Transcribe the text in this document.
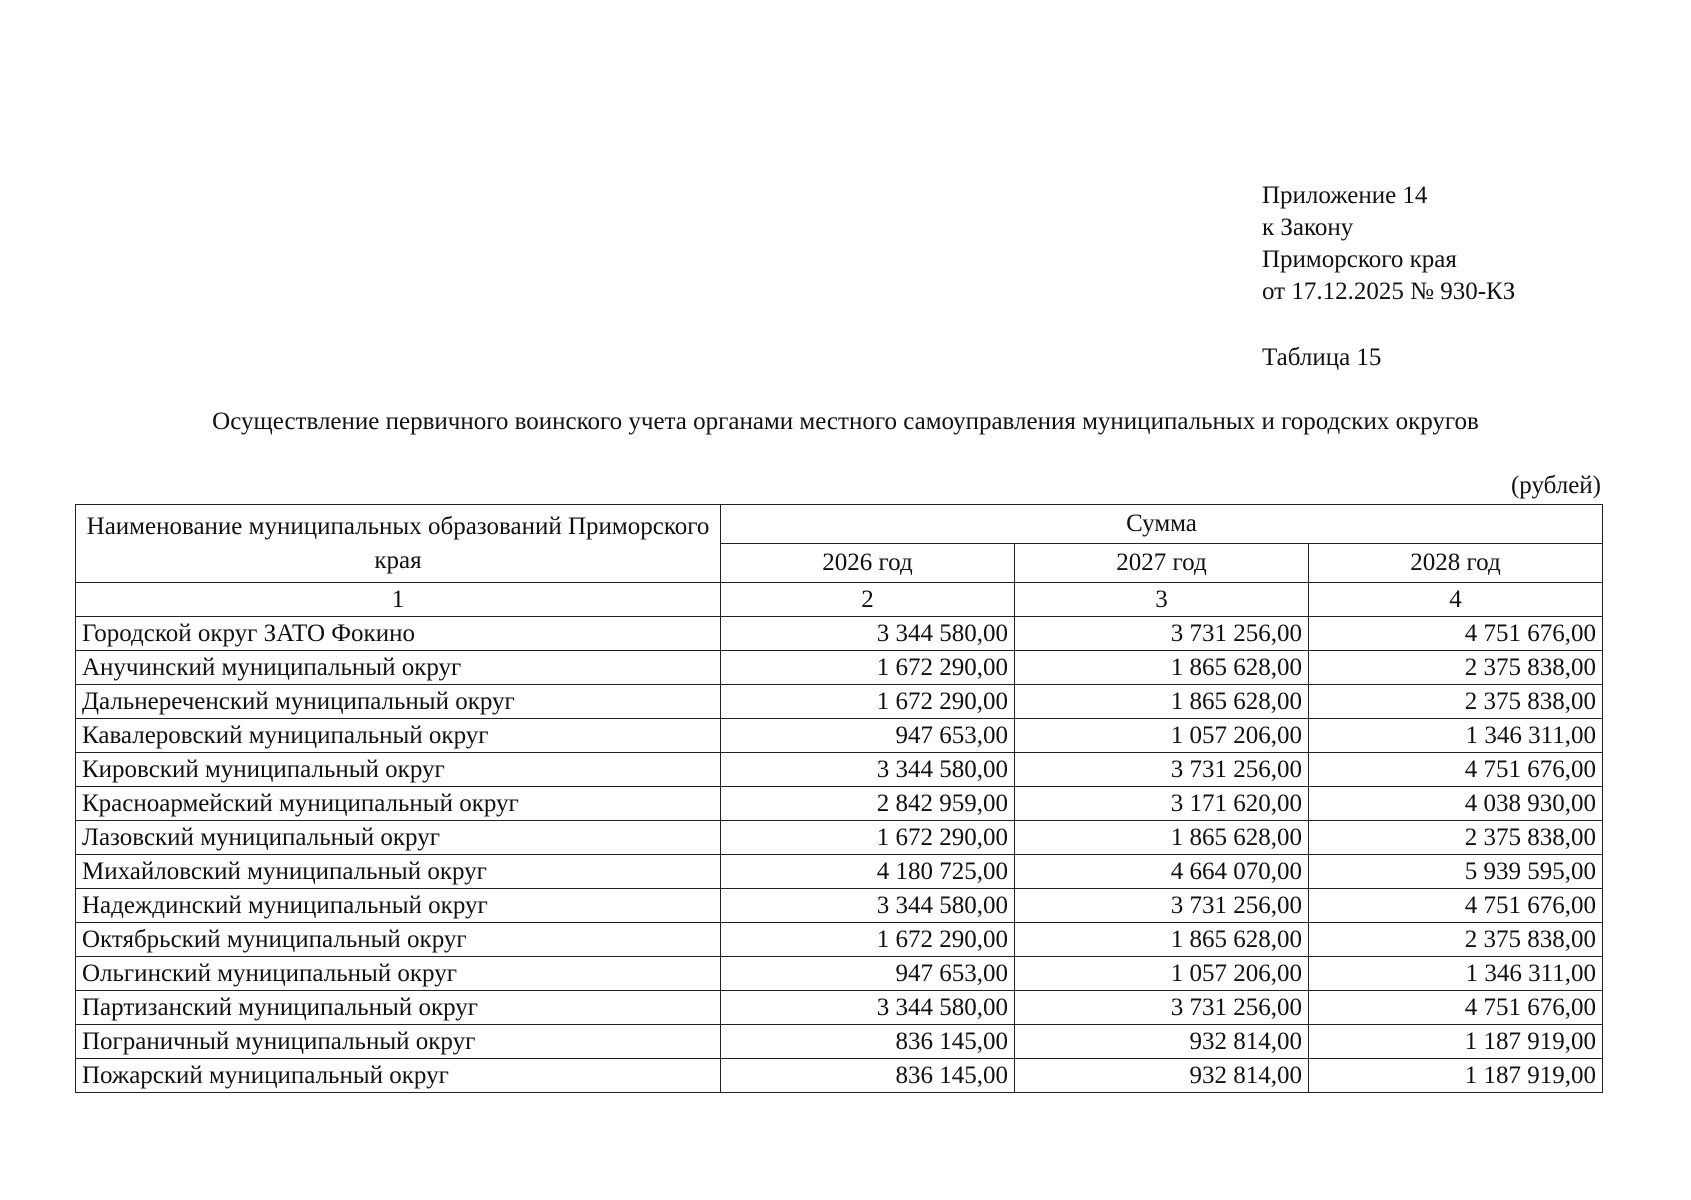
Приложение 14
к Закону
Приморского края
от 17.12.2025 № 930-КЗ
Таблица 15
Осуществление первичного воинского учета органами местного самоуправления муниципальных и городских округов
(рублей)
Наименование муниципальных образований Приморского края	Сумма		
	2026 год	2027 год	2028 год
1	2	3	4
Городской округ ЗАТО Фокино	3 344 580,00	3 731 256,00	4 751 676,00
Анучинский муниципальный округ	1 672 290,00	1 865 628,00	2 375 838,00
Дальнереченский муниципальный округ	1 672 290,00	1 865 628,00	2 375 838,00
Кавалеровский муниципальный округ	947 653,00	1 057 206,00	1 346 311,00
Кировский муниципальный округ	3 344 580,00	3 731 256,00	4 751 676,00
Красноармейский муниципальный округ	2 842 959,00	3 171 620,00	4 038 930,00
Лазовский муниципальный округ	1 672 290,00	1 865 628,00	2 375 838,00
Михайловский муниципальный округ	4 180 725,00	4 664 070,00	5 939 595,00
Надеждинский муниципальный округ	3 344 580,00	3 731 256,00	4 751 676,00
Октябрьский муниципальный округ	1 672 290,00	1 865 628,00	2 375 838,00
Ольгинский муниципальный округ	947 653,00	1 057 206,00	1 346 311,00
Партизанский муниципальный округ	3 344 580,00	3 731 256,00	4 751 676,00
Пограничный муниципальный округ	836 145,00	932 814,00	1 187 919,00
Пожарский муниципальный округ	836 145,00	932 814,00	1 187 919,00
